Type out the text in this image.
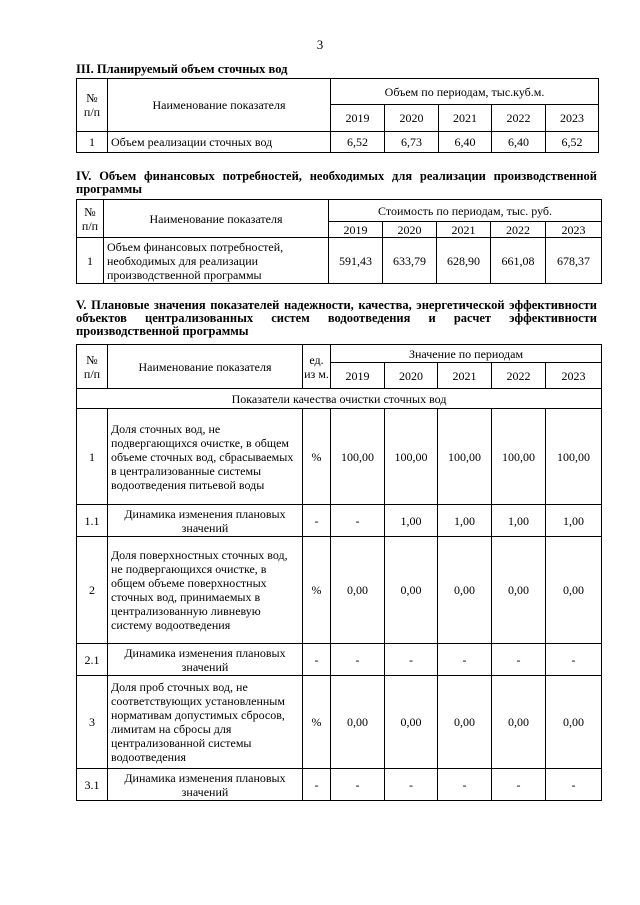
3
III. Планируемый объем сточных вод
№ п/п	Наименование показателя	Объем по периодам, тыс.куб.м.				
		2019	2020	2021	2022	2023
1	Объем реализации сточных вод	6,52	6,73	6,40	6,40	6,52
IV. Объем финансовых потребностей, необходимых для реализации производственной программы
№ п/п	Наименование показателя	Стоимость по периодам, тыс. руб.				
		2019	2020	2021	2022	2023
1	Объем финансовых потребностей, необходимых для реализации производственной программы	591,43	633,79	628,90	661,08	678,37
V. Плановые значения показателей надежности, качества, энергетической эффективности объектов централизованных систем водоотведения и расчет эффективности производственной программы
№ п/п	Наименование показателя	ед. из м.	Значение по периодам				
			2019	2020	2021	2022	2023
Показатели качества очистки сточных вод							
1	Доля сточных вод, не подвергающихся очистке, в общем объеме сточных вод, сбрасываемых в централизованные системы водоотведения питьевой воды	%	100,00	100,00	100,00	100,00	100,00
1.1	Динамика изменения плановых значений	-	-	1,00	1,00	1,00	1,00
2	Доля поверхностных сточных вод, не подвергающихся очистке, в общем объеме поверхностных сточных вод, принимаемых в централизованную ливневую систему водоотведения	%	0,00	0,00	0,00	0,00	0,00
2.1	Динамика изменения плановых значений	-	-	-	-	-	-
3	Доля проб сточных вод, не соответствующих установленным нормативам допустимых сбросов, лимитам на сбросы для централизованной системы водоотведения	%	0,00	0,00	0,00	0,00	0,00
3.1	Динамика изменения плановых значений	-	-	-	-	-	-
